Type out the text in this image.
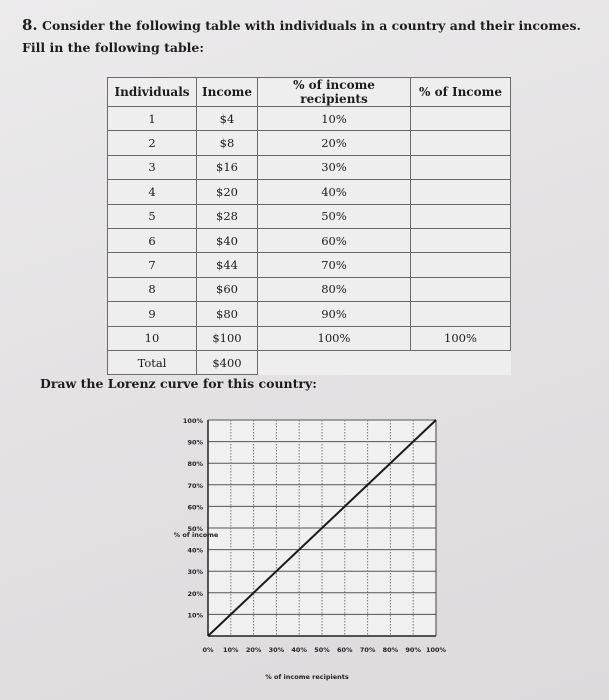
8. Consider the following table with individuals in a country and their incomes. Fill in the following table:
Individuals	Income	% of income recipients	% of Income
1	$4	10%	
2	$8	20%	
3	$16	30%	
4	$20	40%	
5	$28	50%	
6	$40	60%	
7	$44	70%	
8	$60	80%	
9	$80	90%	
10	$100	100%	100%
Total	$400		
Draw the Lorenz curve for this country:
10%
20%
30%
40%
50%
60%
70%
80%
90%
100%
0% 10% 20% 30% 40% 50% 60% 70% 80% 90% 100%
% of income
% of income recipients
